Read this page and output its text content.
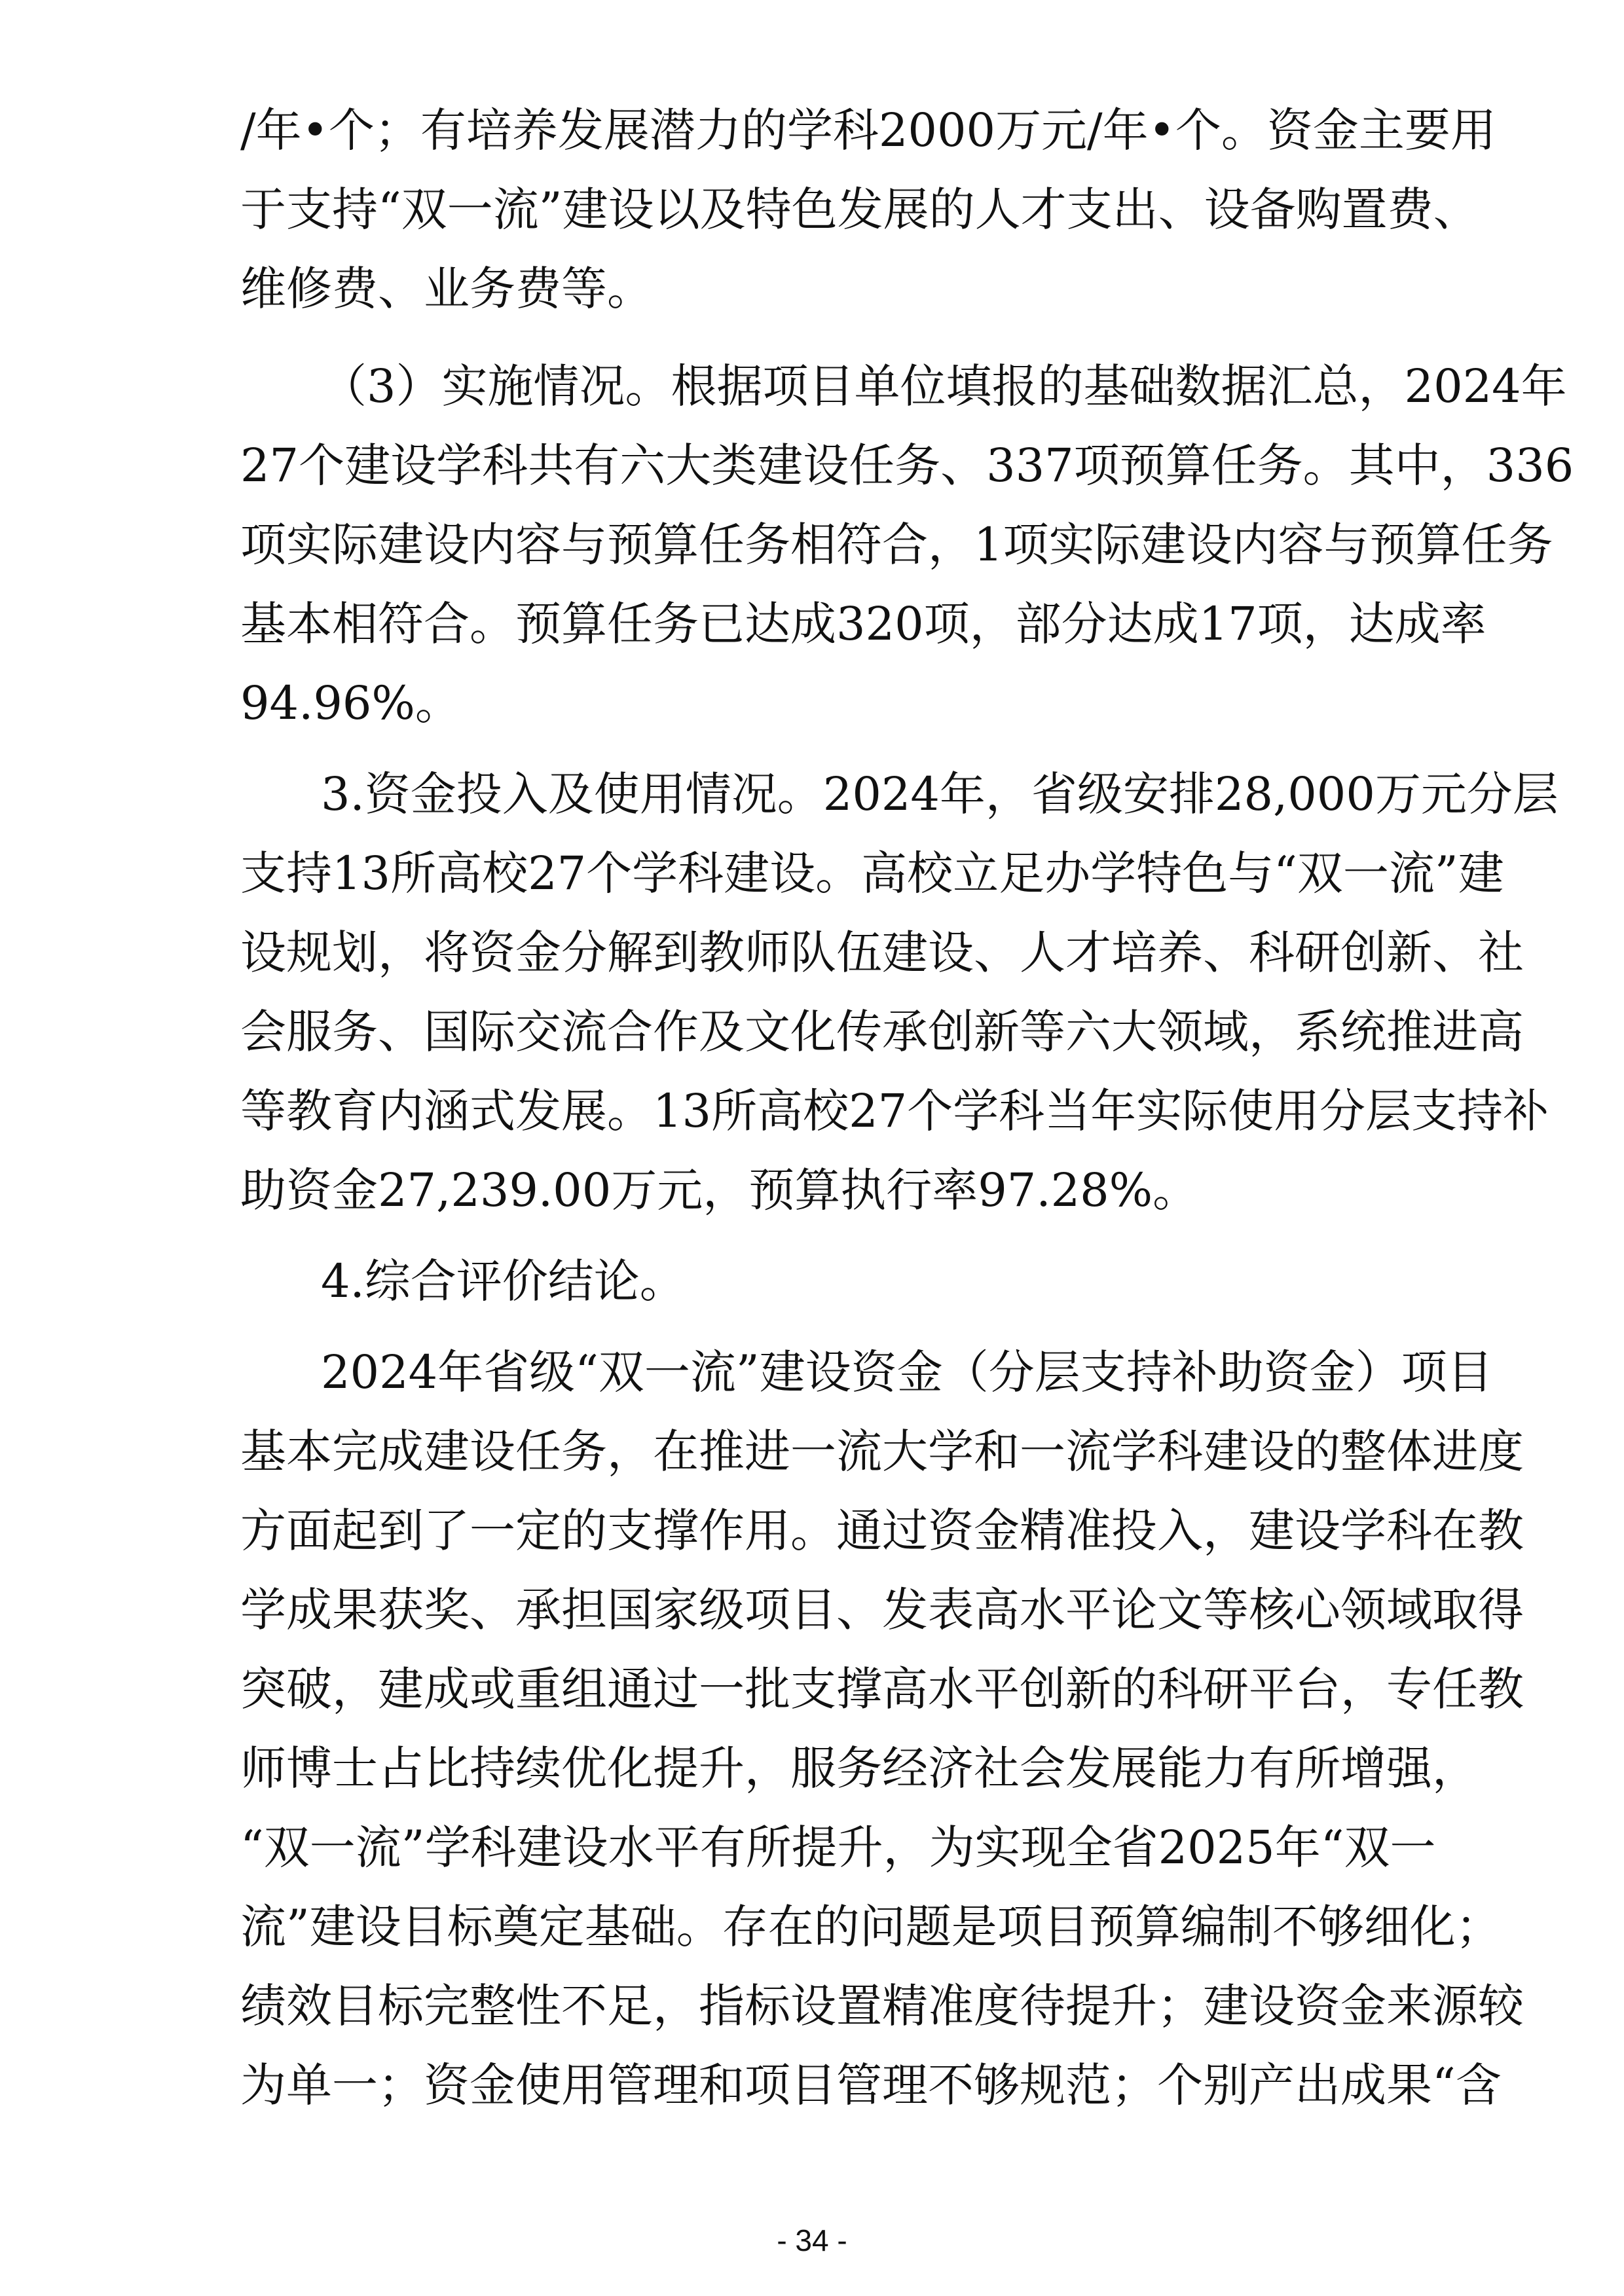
/年•个；有培养发展潜力的学科2000万元/年•个。资金主要用
于支持“双一流”建设以及特色发展的人才支出、设备购置费、
维修费、业务费等。
（3）实施情况。根据项目单位填报的基础数据汇总，2024年
27个建设学科共有六大类建设任务、337项预算任务。其中，336
项实际建设内容与预算任务相符合，1项实际建设内容与预算任务
基本相符合。预算任务已达成320项，部分达成17项，达成率
94.96%。
3.资金投入及使用情况。2024年，省级安排28,000万元分层
支持13所高校27个学科建设。高校立足办学特色与“双一流”建
设规划，将资金分解到教师队伍建设、人才培养、科研创新、社
会服务、国际交流合作及文化传承创新等六大领域，系统推进高
等教育内涵式发展。13所高校27个学科当年实际使用分层支持补
助资金27,239.00万元，预算执行率97.28%。
4.综合评价结论。
2024年省级“双一流”建设资金（分层支持补助资金）项目
基本完成建设任务，在推进一流大学和一流学科建设的整体进度
方面起到了一定的支撑作用。通过资金精准投入，建设学科在教
学成果获奖、承担国家级项目、发表高水平论文等核心领域取得
突破，建成或重组通过一批支撑高水平创新的科研平台，专任教
师博士占比持续优化提升，服务经济社会发展能力有所增强，
“双一流”学科建设水平有所提升，为实现全省2025年“双一
流”建设目标奠定基础。存在的问题是项目预算编制不够细化；
绩效目标完整性不足，指标设置精准度待提升；建设资金来源较
为单一；资金使用管理和项目管理不够规范；个别产出成果“含
- 34 -
